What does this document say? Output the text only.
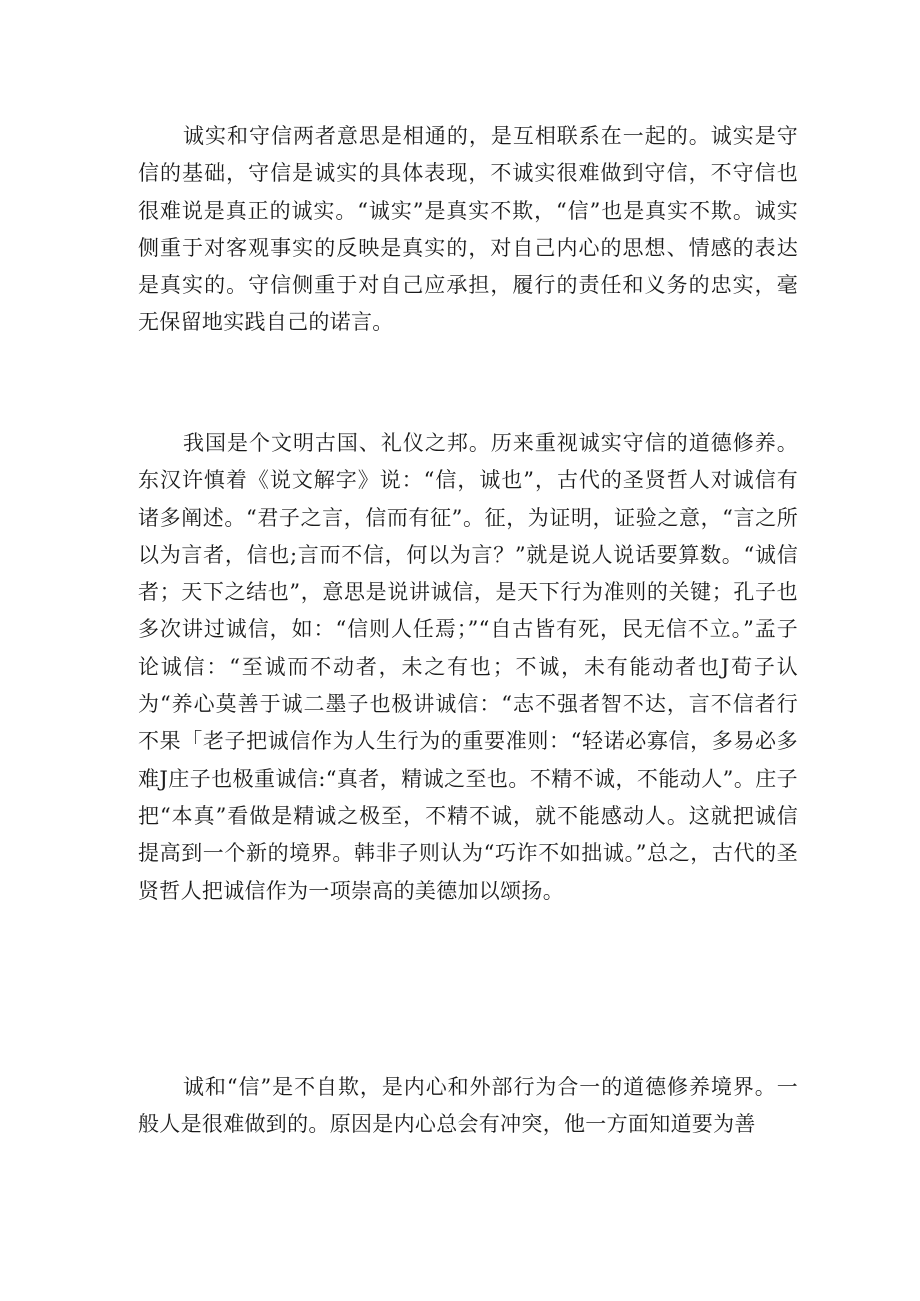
诚实和守信两者意思是相通的，是互相联系在一起的。诚实是守信的基础，守信是诚实的具体表现，不诚实很难做到守信，不守信也很难说是真正的诚实。“诚实”是真实不欺，“信”也是真实不欺。诚实侧重于对客观事实的反映是真实的，对自己内心的思想、情感的表达是真实的。守信侧重于对自己应承担，履行的责任和义务的忠实，毫无保留地实践自己的诺言。

我国是个文明古国、礼仪之邦。历来重视诚实守信的道德修养。东汉许慎着《说文解字》说：“信，诚也”，古代的圣贤哲人对诚信有诸多阐述。“君子之言，信而有征”。征，为证明，证验之意，“言之所以为言者，信也;言而不信，何以为言？”就是说人说话要算数。“诚信者；天下之结也”，意思是说讲诚信，是天下行为准则的关键；孔子也多次讲过诚信，如：“信则人任焉；”“自古皆有死，民无信不立。”孟子论诚信：“至诚而不动者，未之有也；不诚，未有能动者也J荀子认为“养心莫善于诚二墨子也极讲诚信：“志不强者智不达，言不信者行不果「老子把诚信作为人生行为的重要准则：“轻诺必寡信，多易必多难J庄子也极重诚信:“真者，精诚之至也。不精不诚，不能动人”。庄子把“本真”看做是精诚之极至，不精不诚，就不能感动人。这就把诚信提高到一个新的境界。韩非子则认为“巧诈不如拙诚。”总之，古代的圣贤哲人把诚信作为一项崇高的美德加以颂扬。

诚和“信”是不自欺，是内心和外部行为合一的道德修养境界。一般人是很难做到的。原因是内心总会有冲突，他一方面知道要为善
